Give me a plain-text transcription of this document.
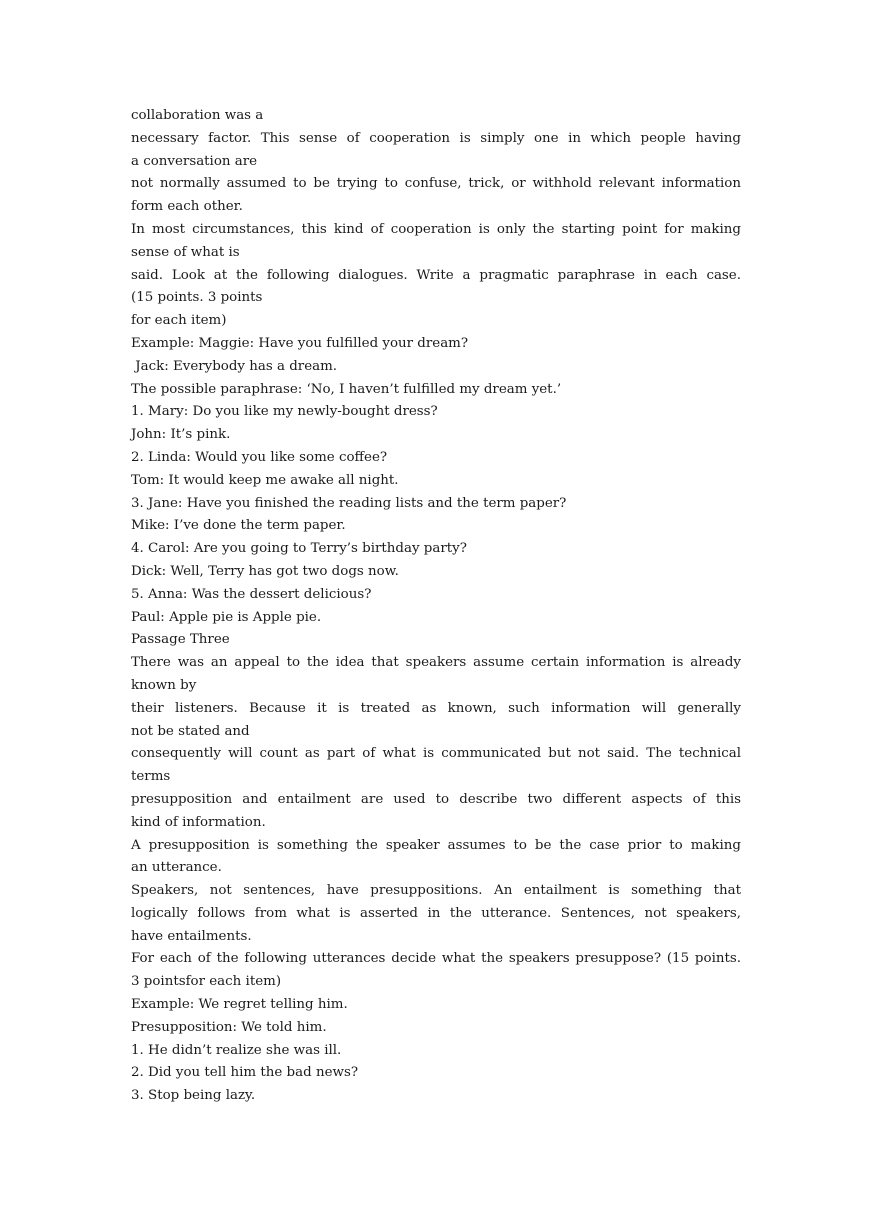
collaboration was a
necessary factor. This sense of cooperation is simply one in which people having
a conversation are
not normally assumed to be trying to confuse, trick, or withhold relevant information
form each other.
In most circumstances, this kind of cooperation is only the starting point for making
sense of what is
said. Look at the following dialogues. Write a pragmatic paraphrase in each case.
(15 points. 3 points
for each item)
Example: Maggie: Have you fulfilled your dream?
Jack: Everybody has a dream.
The possible paraphrase: ‘No, I haven’t fulfilled my dream yet.’
1. Mary: Do you like my newly-bought dress?
John: It’s pink.
2. Linda: Would you like some coffee?
Tom: It would keep me awake all night.
3. Jane: Have you finished the reading lists and the term paper?
Mike: I’ve done the term paper.
4. Carol: Are you going to Terry’s birthday party?
Dick: Well, Terry has got two dogs now.
5. Anna: Was the dessert delicious?
Paul: Apple pie is Apple pie.
Passage Three
There was an appeal to the idea that speakers assume certain information is already
known by
their listeners. Because it is treated as known, such information will generally
not be stated and
consequently will count as part of what is communicated but not said. The technical
terms
presupposition and entailment are used to describe two different aspects of this
kind of information.
A presupposition is something the speaker assumes to be the case prior to making
an utterance.
Speakers, not sentences, have presuppositions. An entailment is something that
logically follows from what is asserted in the utterance. Sentences, not speakers,
have entailments.
For each of the following utterances decide what the speakers presuppose? (15 points.
3 pointsfor each item)
Example: We regret telling him.
Presupposition: We told him.
1. He didn’t realize she was ill.
2. Did you tell him the bad news?
3. Stop being lazy.
